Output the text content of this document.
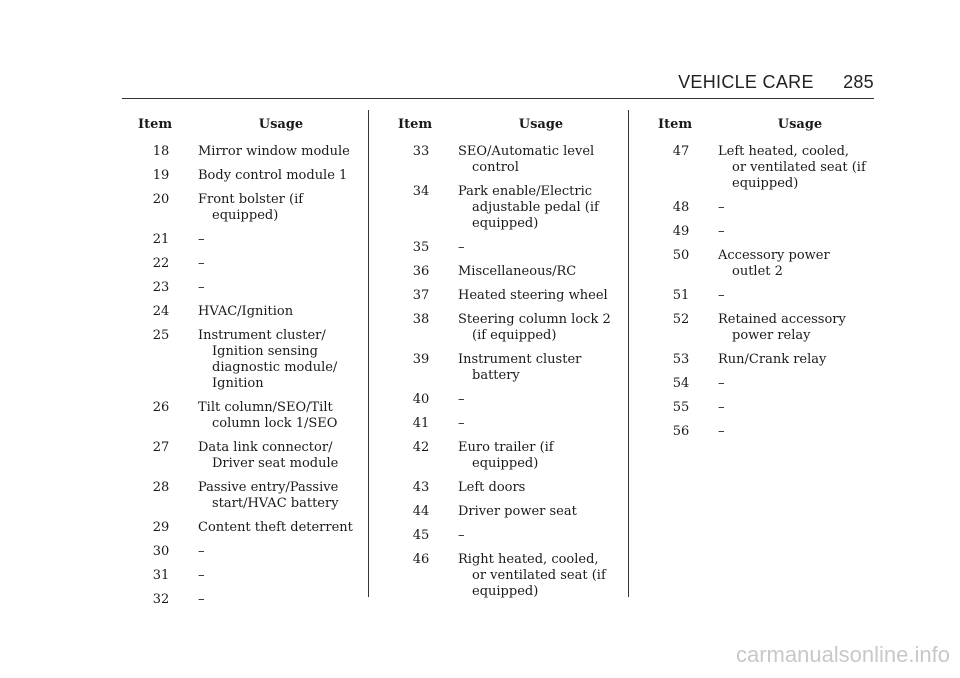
VEHICLE CARE 285
Item	Usage
18	Mirror window module
19	Body control module 1
20	Front bolster (if
equipped)
21	–
22	–
23	–
24	HVAC/Ignition
25	Instrument cluster/
Ignition sensing
diagnostic module/
Ignition
26	Tilt column/SEO/Tilt
column lock 1/SEO
27	Data link connector/
Driver seat module
28	Passive entry/Passive
start/HVAC battery
29	Content theft deterrent
30	–
31	–
32	–
Item	Usage
33	SEO/Automatic level
control
34	Park enable/Electric
adjustable pedal (if
equipped)
35	–
36	Miscellaneous/RC
37	Heated steering wheel
38	Steering column lock 2
(if equipped)
39	Instrument cluster
battery
40	–
41	–
42	Euro trailer (if
equipped)
43	Left doors
44	Driver power seat
45	–
46	Right heated, cooled,
or ventilated seat (if
equipped)
Item	Usage
47	Left heated, cooled,
or ventilated seat (if
equipped)
48	–
49	–
50	Accessory power
outlet 2
51	–
52	Retained accessory
power relay
53	Run/Crank relay
54	–
55	–
56	–
carmanualsonline.info
